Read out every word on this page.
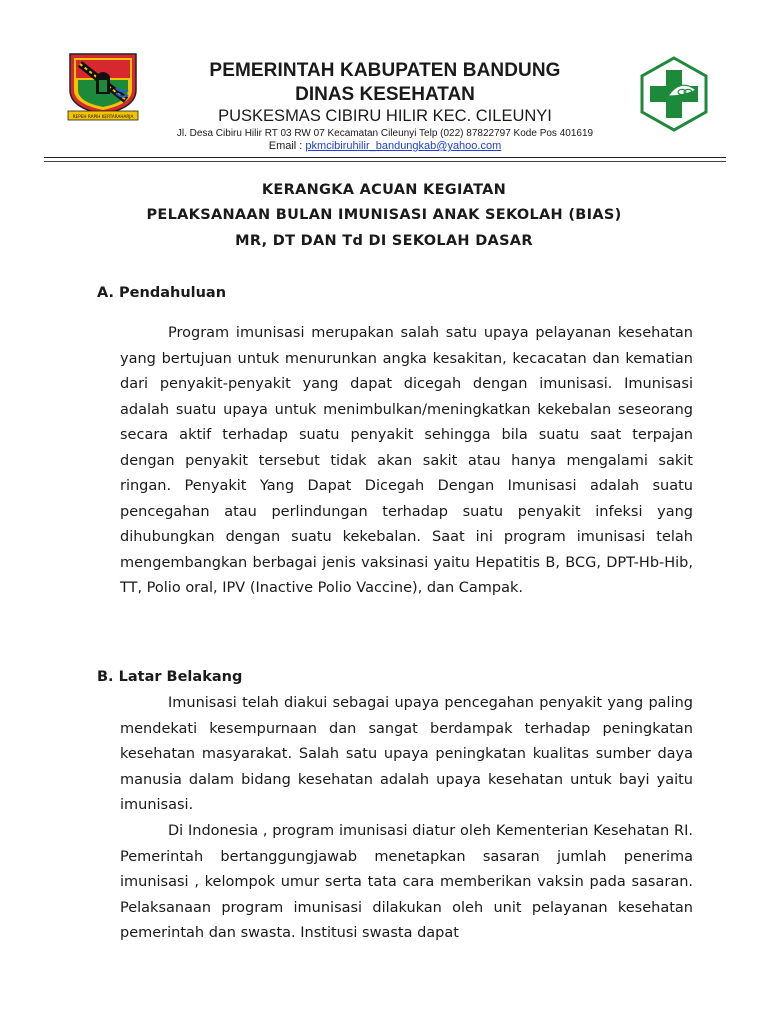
REPEH RAPIH KERTARAHARJA
PEMERINTAH KABUPATEN BANDUNG
DINAS KESEHATAN
PUSKESMAS CIBIRU HILIR KEC. CILEUNYI
Jl. Desa Cibiru Hilir RT 03 RW 07 Kecamatan Cileunyi Telp (022) 87822797 Kode Pos 401619
Email : pkmcibiruhilir_bandungkab@yahoo.com
KERANGKA ACUAN KEGIATAN
PELAKSANAAN BULAN IMUNISASI ANAK SEKOLAH (BIAS)
MR, DT DAN Td DI SEKOLAH DASAR
A. Pendahuluan

Program imunisasi merupakan salah satu upaya pelayanan kesehatan yang bertujuan untuk menurunkan angka kesakitan, kecacatan dan kematian dari penyakit-penyakit yang dapat dicegah dengan imunisasi. Imunisasi adalah suatu upaya untuk menimbulkan/meningkatkan kekebalan seseorang secara aktif terhadap suatu penyakit sehingga bila suatu saat terpajan dengan penyakit tersebut tidak akan sakit atau hanya mengalami sakit ringan. Penyakit Yang Dapat Dicegah Dengan Imunisasi adalah suatu pencegahan atau perlindungan terhadap suatu penyakit infeksi yang dihubungkan dengan suatu kekebalan. Saat ini program imunisasi telah mengembangkan berbagai jenis vaksinasi yaitu Hepatitis B, BCG, DPT-Hb-Hib, TT, Polio oral, IPV (Inactive Polio Vaccine), dan Campak.

B. Latar Belakang

Imunisasi telah diakui sebagai upaya pencegahan penyakit yang paling mendekati kesempurnaan dan sangat berdampak terhadap peningkatan kesehatan masyarakat. Salah satu upaya peningkatan kualitas sumber daya manusia dalam bidang kesehatan adalah upaya kesehatan untuk bayi yaitu imunisasi.

Di Indonesia , program imunisasi diatur oleh Kementerian Kesehatan RI. Pemerintah bertanggungjawab menetapkan sasaran jumlah penerima imunisasi , kelompok umur serta tata cara memberikan vaksin pada sasaran. Pelaksanaan program imunisasi dilakukan oleh unit pelayanan kesehatan pemerintah dan swasta. Institusi swasta dapat
